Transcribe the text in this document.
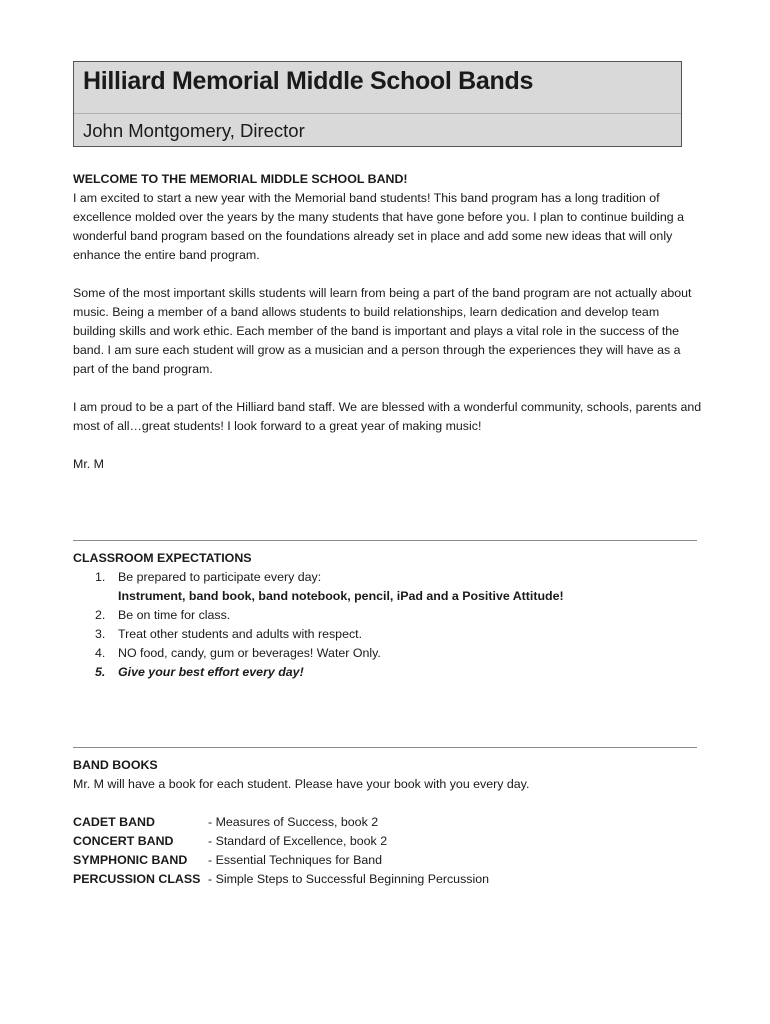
Hilliard Memorial Middle School Bands
John Montgomery, Director

WELCOME TO THE MEMORIAL MIDDLE SCHOOL BAND!

I am excited to start a new year with the Memorial band students! This band program has a long tradition of excellence molded over the years by the many students that have gone before you. I plan to continue building a wonderful band program based on the foundations already set in place and add some new ideas that will only enhance the entire band program.

Some of the most important skills students will learn from being a part of the band program are not actually about music. Being a member of a band allows students to build relationships, learn dedication and develop team building skills and work ethic. Each member of the band is important and plays a vital role in the success of the band. I am sure each student will grow as a musician and a person through the experiences they will have as a part of the band program.

I am proud to be a part of the Hilliard band staff. We are blessed with a wonderful community, schools, parents and most of all…great students! I look forward to a great year of making music!

Mr. M

CLASSROOM EXPECTATIONS

1. Be prepared to participate every day:
Instrument, band book, band notebook, pencil, iPad and a Positive Attitude!
2. Be on time for class.
3. Treat other students and adults with respect.
4. NO food, candy, gum or beverages! Water Only.
5. Give your best effort every day!

BAND BOOKS

Mr. M will have a book for each student. Please have your book with you every day.

CADET BAND	- Measures of Success, book 2
CONCERT BAND	- Standard of Excellence, book 2
SYMPHONIC BAND	- Essential Techniques for Band
PERCUSSION CLASS - Simple Steps to Successful Beginning Percussion
